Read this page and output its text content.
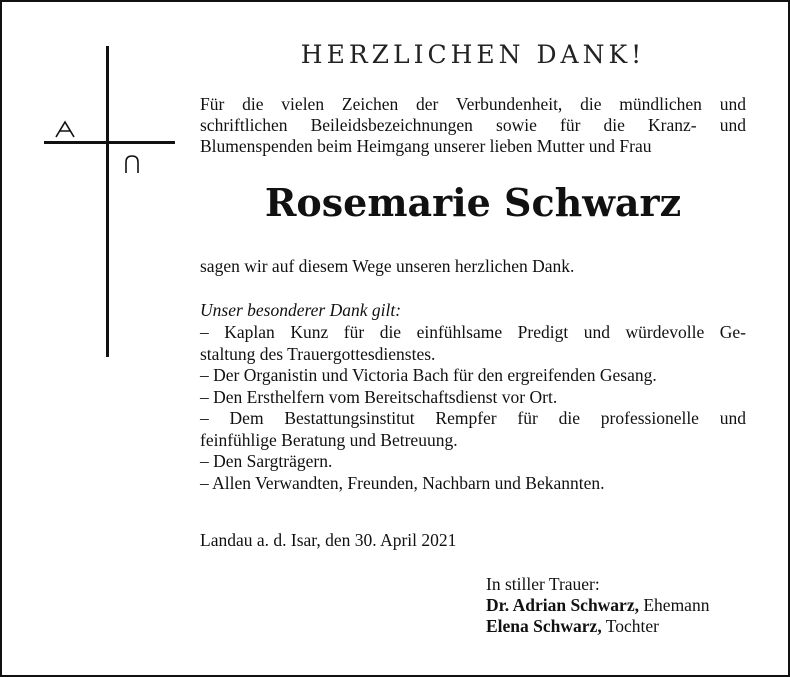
HERZLICHEN DANK!
Für die vielen Zeichen der Verbundenheit, die mündlichen und
schriftlichen Beileidsbezeichnungen sowie für die Kranz- und
Blumenspenden beim Heimgang unserer lieben Mutter und Frau
Rosemarie Schwarz
sagen wir auf diesem Wege unseren herzlichen Dank.
Unser besonderer Dank gilt:
– Kaplan Kunz für die einfühlsame Predigt und würdevolle Ge-
staltung des Trauergottesdienstes.
– Der Organistin und Victoria Bach für den ergreifenden Gesang.
– Den Ersthelfern vom Bereitschaftsdienst vor Ort.
– Dem Bestattungsinstitut Rempfer für die professionelle und
feinfühlige Beratung und Betreuung.
– Den Sargträgern.
– Allen Verwandten, Freunden, Nachbarn und Bekannten.
Landau a. d. Isar, den 30. April 2021
In stiller Trauer:
Dr. Adrian Schwarz, Ehemann
Elena Schwarz, Tochter
